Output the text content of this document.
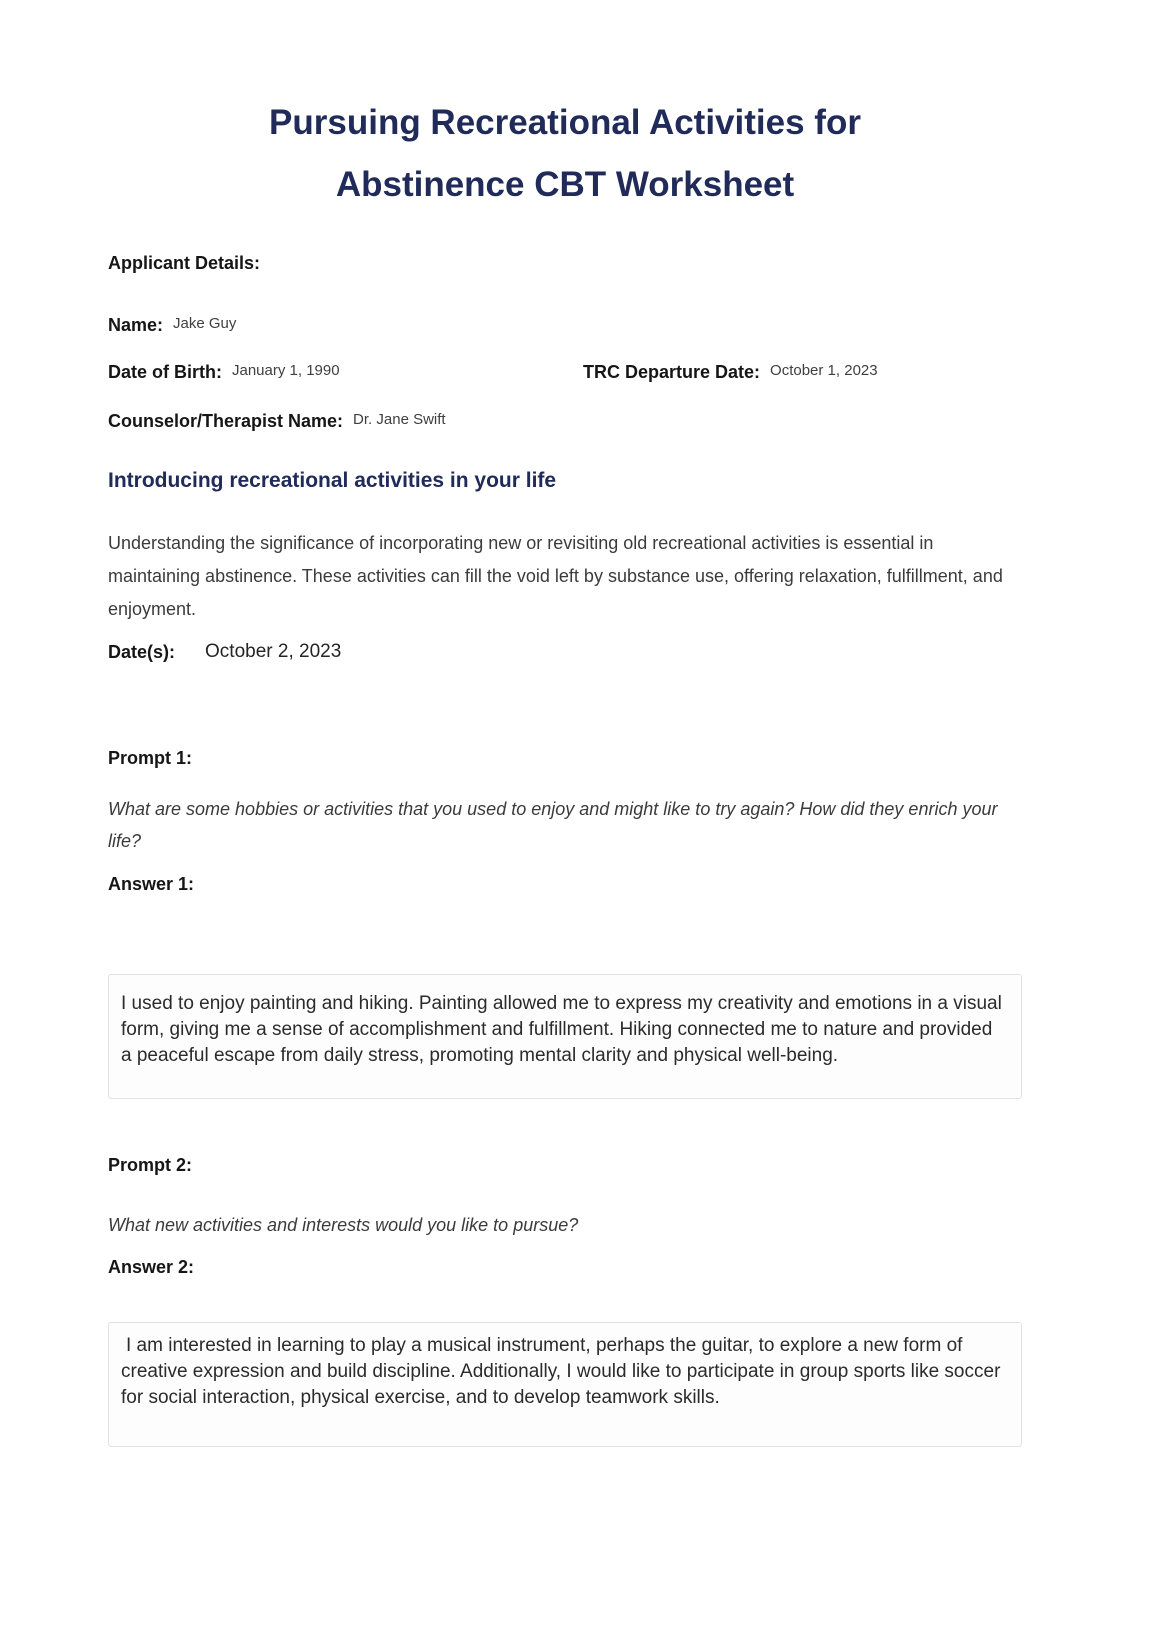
Pursuing Recreational Activities for
Abstinence CBT Worksheet
Applicant Details:
Name: Jake Guy
Date of Birth: January 1, 1990	TRC Departure Date: October 1, 2023
Counselor/Therapist Name: Dr. Jane Swift
Introducing recreational activities in your life

Understanding the significance of incorporating new or revisiting old recreational activities is essential in maintaining abstinence. These activities can fill the void left by substance use, offering relaxation, fulfillment, and enjoyment.

Date(s): October 2, 2023
Prompt 1:

What are some hobbies or activities that you used to enjoy and might like to try again? How did they enrich your life?

Answer 1:
I used to enjoy painting and hiking. Painting allowed me to express my creativity and emotions in a visual form, giving me a sense of accomplishment and fulfillment. Hiking connected me to nature and provided a peaceful escape from daily stress, promoting mental clarity and physical well-being.
Prompt 2:

What new activities and interests would you like to pursue?

Answer 2:
I am interested in learning to play a musical instrument, perhaps the guitar, to explore a new form of creative expression and build discipline. Additionally, I would like to participate in group sports like soccer for social interaction, physical exercise, and to develop teamwork skills.
